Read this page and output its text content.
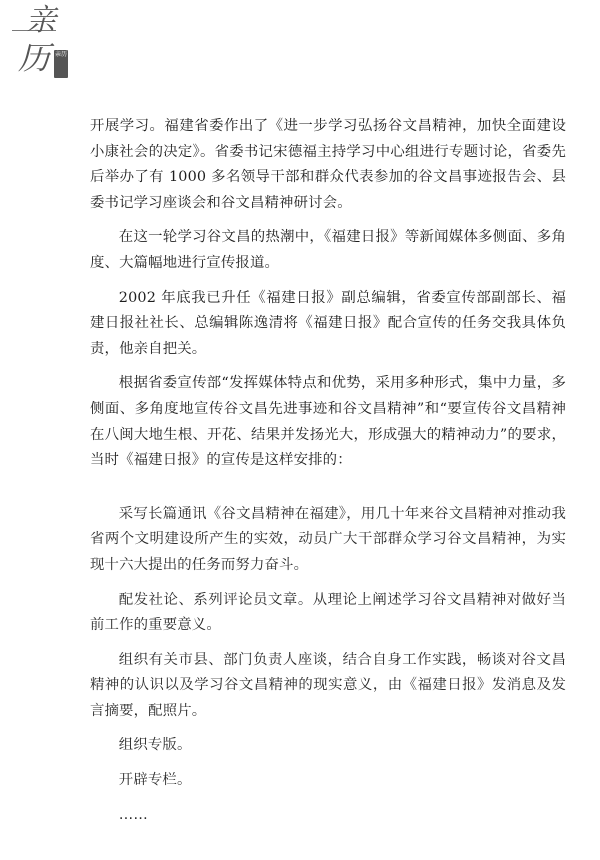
亲
历 亲历

开展学习。福建省委作出了《进一步学习弘扬谷文昌精神，加快全面建设小康社会的决定》。省委书记宋德福主持学习中心组进行专题讨论，省委先后举办了有 1000 多名领导干部和群众代表参加的谷文昌事迹报告会、县委书记学习座谈会和谷文昌精神研讨会。

在这一轮学习谷文昌的热潮中，《福建日报》等新闻媒体多侧面、多角度、大篇幅地进行宣传报道。

2002 年底我已升任《福建日报》副总编辑，省委宣传部副部长、福建日报社社长、总编辑陈逸清将《福建日报》配合宣传的任务交我具体负责，他亲自把关。

根据省委宣传部“发挥媒体特点和优势，采用多种形式，集中力量，多侧面、多角度地宣传谷文昌先进事迹和谷文昌精神”和“要宣传谷文昌精神在八闽大地生根、开花、结果并发扬光大，形成强大的精神动力”的要求，当时《福建日报》的宣传是这样安排的：

采写长篇通讯《谷文昌精神在福建》，用几十年来谷文昌精神对推动我省两个文明建设所产生的实效，动员广大干部群众学习谷文昌精神，为实现十六大提出的任务而努力奋斗。

配发社论、系列评论员文章。从理论上阐述学习谷文昌精神对做好当前工作的重要意义。

组织有关市县、部门负责人座谈，结合自身工作实践，畅谈对谷文昌精神的认识以及学习谷文昌精神的现实意义，由《福建日报》发消息及发言摘要，配照片。

组织专版。

开辟专栏。

……
